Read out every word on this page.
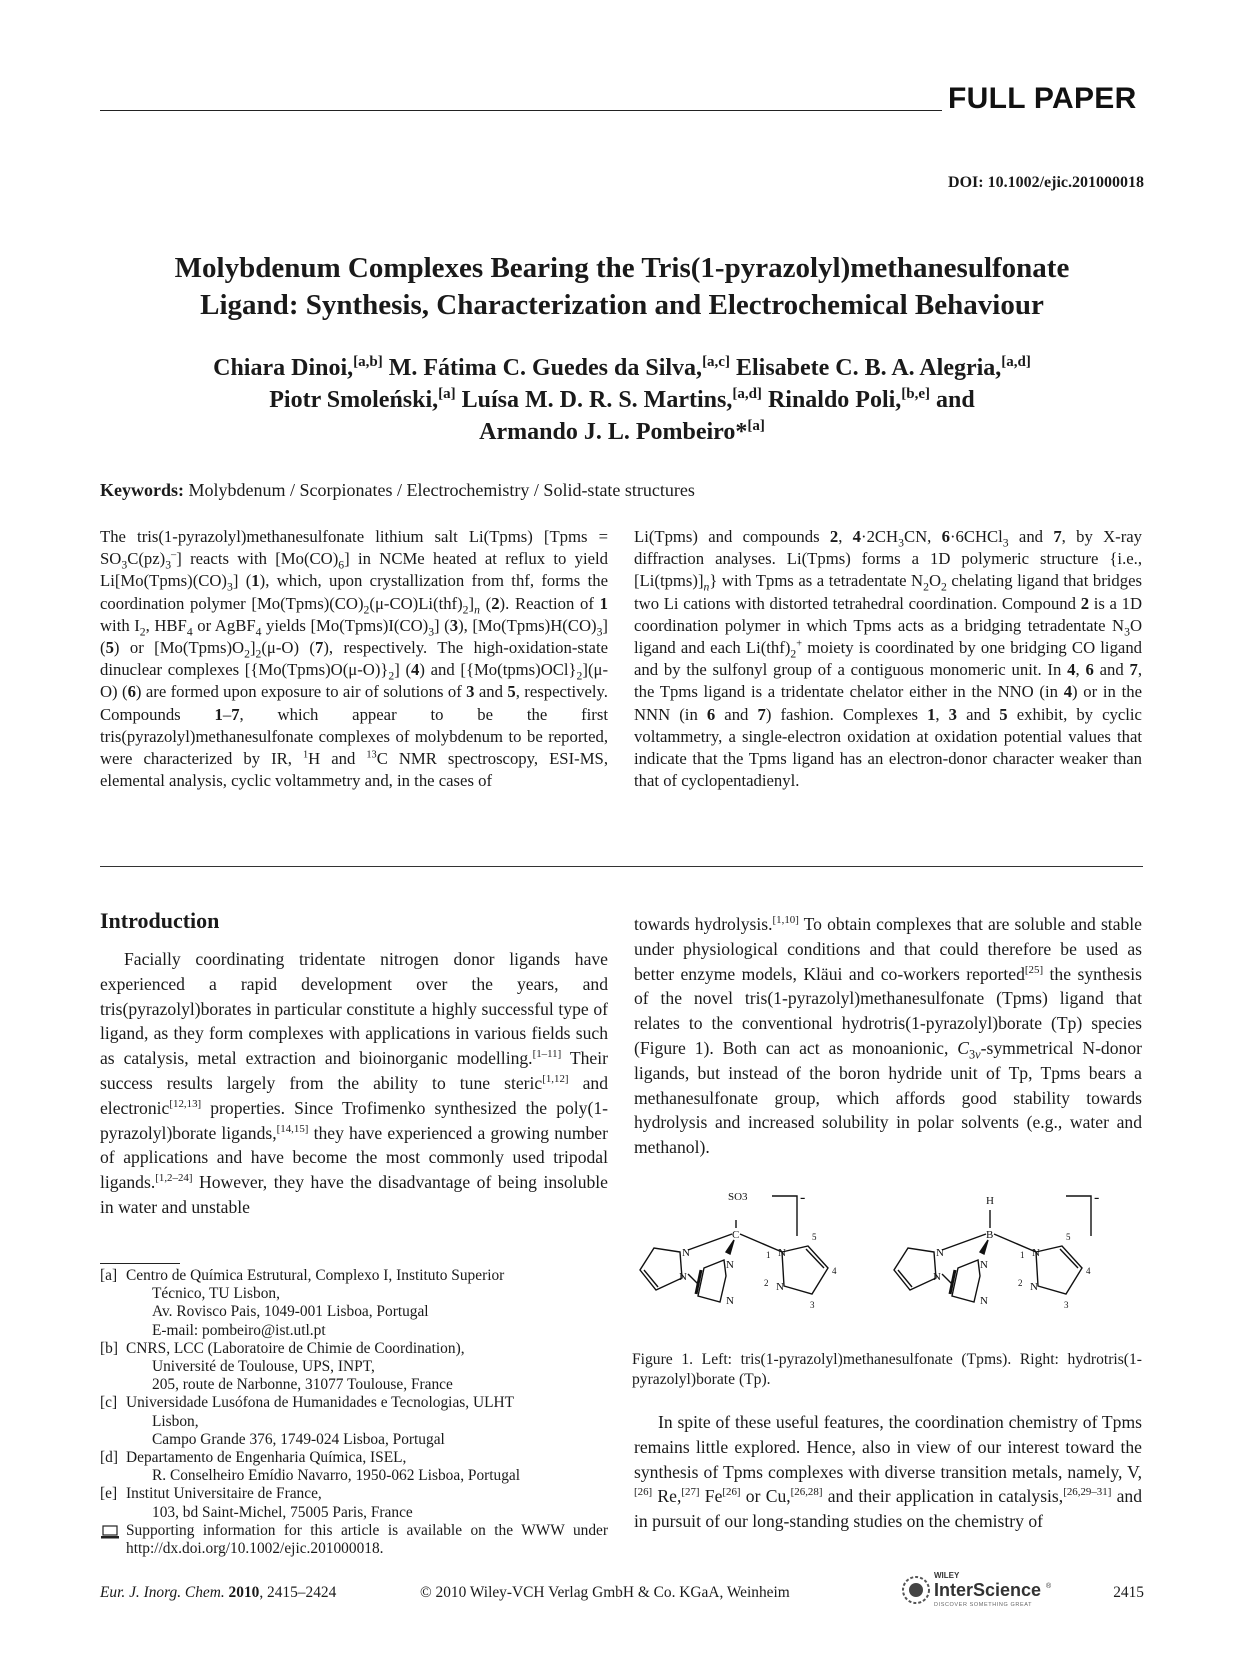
FULL PAPER
DOI: 10.1002/ejic.201000018
Molybdenum Complexes Bearing the Tris(1-pyrazolyl)methanesulfonate
Ligand: Synthesis, Characterization and Electrochemical Behaviour
Chiara Dinoi,[a,b] M. Fátima C. Guedes da Silva,[a,c] Elisabete C. B. A. Alegria,[a,d]
Piotr Smoleński,[a] Luísa M. D. R. S. Martins,[a,d] Rinaldo Poli,[b,e] and
Armando J. L. Pombeiro*[a]
Keywords: Molybdenum / Scorpionates / Electrochemistry / Solid-state structures

The tris(1-pyrazolyl)methanesulfonate lithium salt Li(Tpms) [Tpms = $SO_3C(pz)_3^-$] reacts with $[Mo(CO)_6]$ in NCMe heated at reflux to yield $Li[Mo(Tpms)(CO)_3]$ (1), which, upon crystallization from thf, forms the coordination polymer $[Mo(Tpms)(CO)_2(\mu-CO)Li(thf)_2]_n$ (2). Reaction of 1 with $I_2$, $HBF_4$ or AgBF$_4$ yields $[Mo(Tpms)I(CO)_3]$ (3), $[Mo(Tpms)H(CO)_3]$ (5) or $[Mo(Tpms)O_2]_2(\mu-O)$ (7), respectively. The high-oxidation-state dinuclear complexes $[\{Mo(Tpms)O(\mu-O)\}_2]$ (4) and $[\{Mo(tpms)OCl\}_2](\mu-O)$ (6) are formed upon exposure to air of solutions of 3 and 5, respectively. Compounds 1–7, which appear to be the first tris(pyrazolyl)methanesulfonate complexes of molybdenum to be reported, were characterized by IR, $^1$H and $^{13}$C NMR spectroscopy, ESI-MS, elemental analysis, cyclic voltammetry and, in the cases of

Li(Tpms) and compounds 2, $4\cdot 2CH_3CN$, 6·6CHCl$_3$ and 7, by X-ray diffraction analyses. Li(Tpms) forms a 1D polymeric structure {i.e., $[Li(tpms)]_n$} with Tpms as a tetradentate $N_2O_2$ chelating ligand that bridges two Li cations with distorted tetrahedral coordination. Compound 2 is a 1D coordination polymer in which Tpms acts as a bridging tetradentate $N_3O$ ligand and each $Li(thf)_2^+$ moiety is coordinated by one bridging CO ligand and by the sulfonyl group of a contiguous monomeric unit. In 4, 6 and 7, the Tpms ligand is a tridentate chelator either in the NNO (in 4) or in the NNN (in 6 and 7) fashion. Complexes 1, 3 and 5 exhibit, by cyclic voltammetry, a single-electron oxidation at oxidation potential values that indicate that the Tpms ligand has an electron-donor character weaker than that of cyclopentadienyl.

Introduction

Facially coordinating tridentate nitrogen donor ligands have experienced a rapid development over the years, and tris(pyrazolyl)borates in particular constitute a highly successful type of ligand, as they form complexes with applications in various fields such as catalysis, metal extraction and bioinorganic modelling.[1–11] Their success results largely from the ability to tune steric[1,12] and electronic[12,13] properties. Since Trofimenko synthesized the poly(1-pyrazolyl)borate ligands,[14,15] they have experienced a growing number of applications and have become the most commonly used tripodal ligands.[1,2–24] However, they have the disadvantage of being insoluble in water and unstable

towards hydrolysis.[1,10] To obtain complexes that are soluble and stable under physiological conditions and that could therefore be used as better enzyme models, Kläui and co-workers reported[25] the synthesis of the novel tris(1-pyrazolyl)methanesulfonate (Tpms) ligand that relates to the conventional hydrotris(1-pyrazolyl)borate (Tp) species (Figure 1). Both can act as monoanionic, $C_{3v}$-symmetrical N-donor ligands, but instead of the boron hydride unit of Tp, Tpms bears a methanesulfonate group, which affords good stability towards hydrolysis and increased solubility in polar solvents (e.g., water and methanol).

SO3	-
C
N
N
N
N
N
N
1
2
3
4
5
H	-
B
N
N
N
N
N
N
1
2
3
4
5
Figure 1. Left: tris(1-pyrazolyl)methanesulfonate (Tpms). Right: hydrotris(1-pyrazolyl)borate (Tp).

In spite of these useful features, the coordination chemistry of Tpms remains little explored. Hence, also in view of our interest toward the synthesis of Tpms complexes with diverse transition metals, namely, V,[26] Re,[27] Fe[26] or Cu,[26,28] and their application in catalysis,[26,29–31] and in pursuit of our long-standing studies on the chemistry of

[a] Centro de Química Estrutural, Complexo I, Instituto Superior
Técnico, TU Lisbon,
Av. Rovisco Pais, 1049-001 Lisboa, Portugal
E-mail: pombeiro@ist.utl.pt
[b] CNRS, LCC (Laboratoire de Chimie de Coordination),
Université de Toulouse, UPS, INPT,
205, route de Narbonne, 31077 Toulouse, France
[c] Universidade Lusófona de Humanidades e Tecnologias, ULHT
Lisbon,
Campo Grande 376, 1749-024 Lisboa, Portugal
[d] Departamento de Engenharia Química, ISEL,
R. Conselheiro Emídio Navarro, 1950-062 Lisboa, Portugal
[e] Institut Universitaire de France,
103, bd Saint-Michel, 75005 Paris, France
Supporting information for this article is available on the WWW under http://dx.doi.org/10.1002/ejic.201000018.
Eur. J. Inorg. Chem. 2010, 2415–2424	© 2010 Wiley-VCH Verlag GmbH & Co. KGaA, Weinheim
WILEY
InterScience ®
DISCOVER SOMETHING GREAT
2415
